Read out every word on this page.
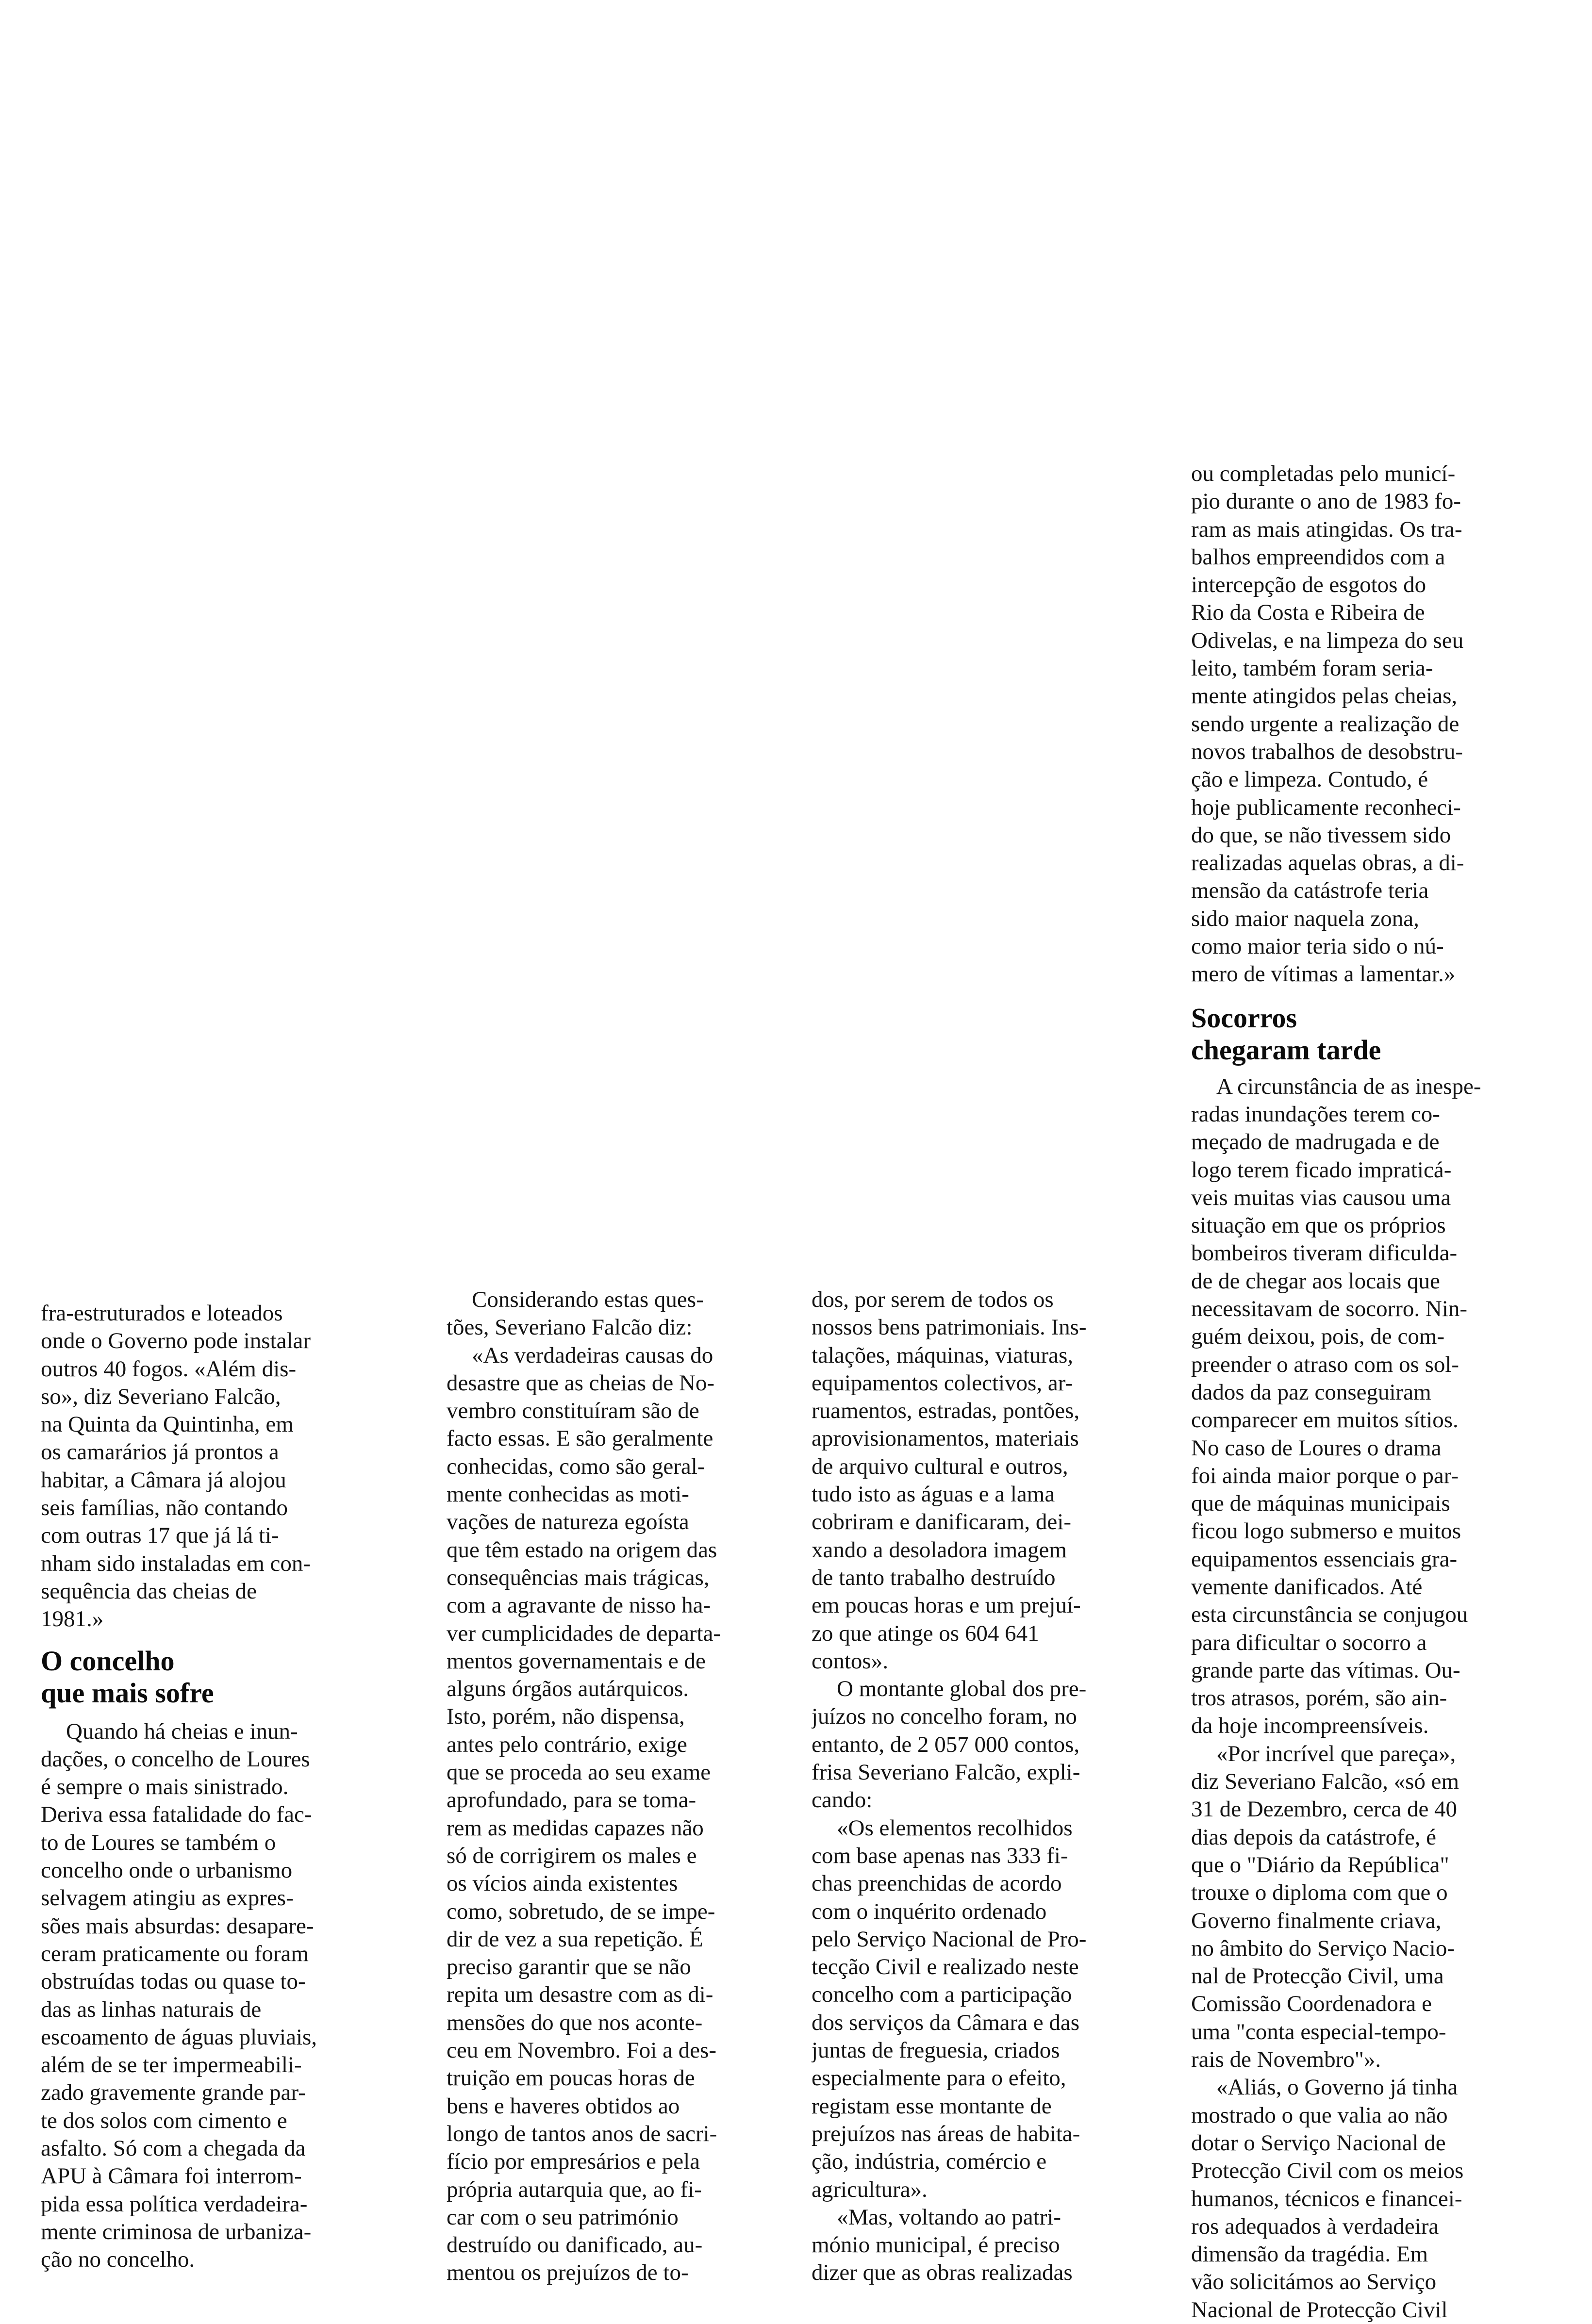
fra-estruturados e loteados
onde o Governo pode instalar
outros 40 fogos. «Além dis-
so», diz Severiano Falcão,
na Quinta da Quintinha, em
os camarários já prontos a
habitar, a Câmara já alojou
seis famílias, não contando
com outras 17 que já lá ti-
nham sido instaladas em con-
sequência das cheias de
1981.»

O concelho
que mais sofre

Quando há cheias e inun-
dações, o concelho de Loures
é sempre o mais sinistrado.
Deriva essa fatalidade do fac-
to de Loures se também o
concelho onde o urbanismo
selvagem atingiu as expres-
sões mais absurdas: desapare-
ceram praticamente ou foram
obstruídas todas ou quase to-
das as linhas naturais de
escoamento de águas pluviais,
além de se ter impermeabili-
zado gravemente grande par-
te dos solos com cimento e
asfalto. Só com a chegada da
APU à Câmara foi interrom-
pida essa política verdadeira-
mente criminosa de urbaniza-
ção no concelho.

Considerando estas ques-
tões, Severiano Falcão diz:

«As verdadeiras causas do
desastre que as cheias de No-
vembro constituíram são de
facto essas. E são geralmente
conhecidas, como são geral-
mente conhecidas as moti-
vações de natureza egoísta
que têm estado na origem das
consequências mais trágicas,
com a agravante de nisso ha-
ver cumplicidades de departa-
mentos governamentais e de
alguns órgãos autárquicos.
Isto, porém, não dispensa,
antes pelo contrário, exige
que se proceda ao seu exame
aprofundado, para se toma-
rem as medidas capazes não
só de corrigirem os males e
os vícios ainda existentes
como, sobretudo, de se impe-
dir de vez a sua repetição. É
preciso garantir que se não
repita um desastre com as di-
mensões do que nos aconte-
ceu em Novembro. Foi a des-
truição em poucas horas de
bens e haveres obtidos ao
longo de tantos anos de sacri-
fício por empresários e pela
própria autarquia que, ao fi-
car com o seu património
destruído ou danificado, au-
mentou os prejuízos de to-

dos, por serem de todos os
nossos bens patrimoniais. Ins-
talações, máquinas, viaturas,
equipamentos colectivos, ar-
ruamentos, estradas, pontões,
aprovisionamentos, materiais
de arquivo cultural e outros,
tudo isto as águas e a lama
cobriram e danificaram, dei-
xando a desoladora imagem
de tanto trabalho destruído
em poucas horas e um prejuí-
zo que atinge os 604 641
contos».

O montante global dos pre-
juízos no concelho foram, no
entanto, de 2 057 000 contos,
frisa Severiano Falcão, expli-
cando:

«Os elementos recolhidos
com base apenas nas 333 fi-
chas preenchidas de acordo
com o inquérito ordenado
pelo Serviço Nacional de Pro-
tecção Civil e realizado neste
concelho com a participação
dos serviços da Câmara e das
juntas de freguesia, criados
especialmente para o efeito,
registam esse montante de
prejuízos nas áreas de habita-
ção, indústria, comércio e
agricultura».

«Mas, voltando ao patri-
mónio municipal, é preciso
dizer que as obras realizadas

ou completadas pelo municí-
pio durante o ano de 1983 fo-
ram as mais atingidas. Os tra-
balhos empreendidos com a
intercepção de esgotos do
Rio da Costa e Ribeira de
Odivelas, e na limpeza do seu
leito, também foram seria-
mente atingidos pelas cheias,
sendo urgente a realização de
novos trabalhos de desobstru-
ção e limpeza. Contudo, é
hoje publicamente reconheci-
do que, se não tivessem sido
realizadas aquelas obras, a di-
mensão da catástrofe teria
sido maior naquela zona,
como maior teria sido o nú-
mero de vítimas a lamentar.»

Socorros
chegaram tarde

A circunstância de as inespe-
radas inundações terem co-
meçado de madrugada e de
logo terem ficado impraticá-
veis muitas vias causou uma
situação em que os próprios
bombeiros tiveram dificulda-
de de chegar aos locais que
necessitavam de socorro. Nin-
guém deixou, pois, de com-
preender o atraso com os sol-
dados da paz conseguiram
comparecer em muitos sítios.
No caso de Loures o drama
foi ainda maior porque o par-
que de máquinas municipais
ficou logo submerso e muitos
equipamentos essenciais gra-
vemente danificados. Até
esta circunstância se conjugou
para dificultar o socorro a
grande parte das vítimas. Ou-
tros atrasos, porém, são ain-
da hoje incompreensíveis.

«Por incrível que pareça»,
diz Severiano Falcão, «só em
31 de Dezembro, cerca de 40
dias depois da catástrofe, é
que o "Diário da República"
trouxe o diploma com que o
Governo finalmente criava,
no âmbito do Serviço Nacio-
nal de Protecção Civil, uma
Comissão Coordenadora e
uma "conta especial-tempo-
rais de Novembro"».

«Aliás, o Governo já tinha
mostrado o que valia ao não
dotar o Serviço Nacional de
Protecção Civil com os meios
humanos, técnicos e financei-
ros adequados à verdadeira
dimensão da tragédia. Em
vão solicitámos ao Serviço
Nacional de Protecção Civil
